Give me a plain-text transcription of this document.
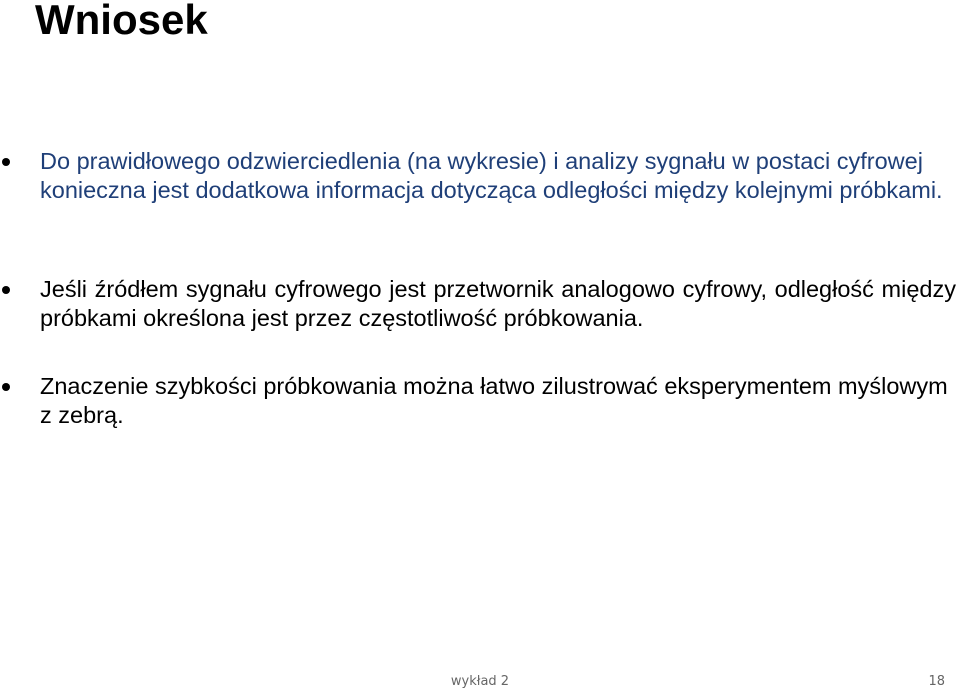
Wniosek

Do prawidłowego odzwierciedlenia (na wykresie) i analizy sygnału w postaci cyfrowej konieczna jest dodatkowa informacja dotycząca odległości między kolejnymi próbkami.

Jeśli źródłem sygnału cyfrowego jest przetwornik analogowo cyfrowy, odległość między próbkami określona jest przez częstotliwość próbkowania.

Znaczenie szybkości próbkowania można łatwo zilustrować eksperymentem myślowym z zebrą.

wykład 2	18
